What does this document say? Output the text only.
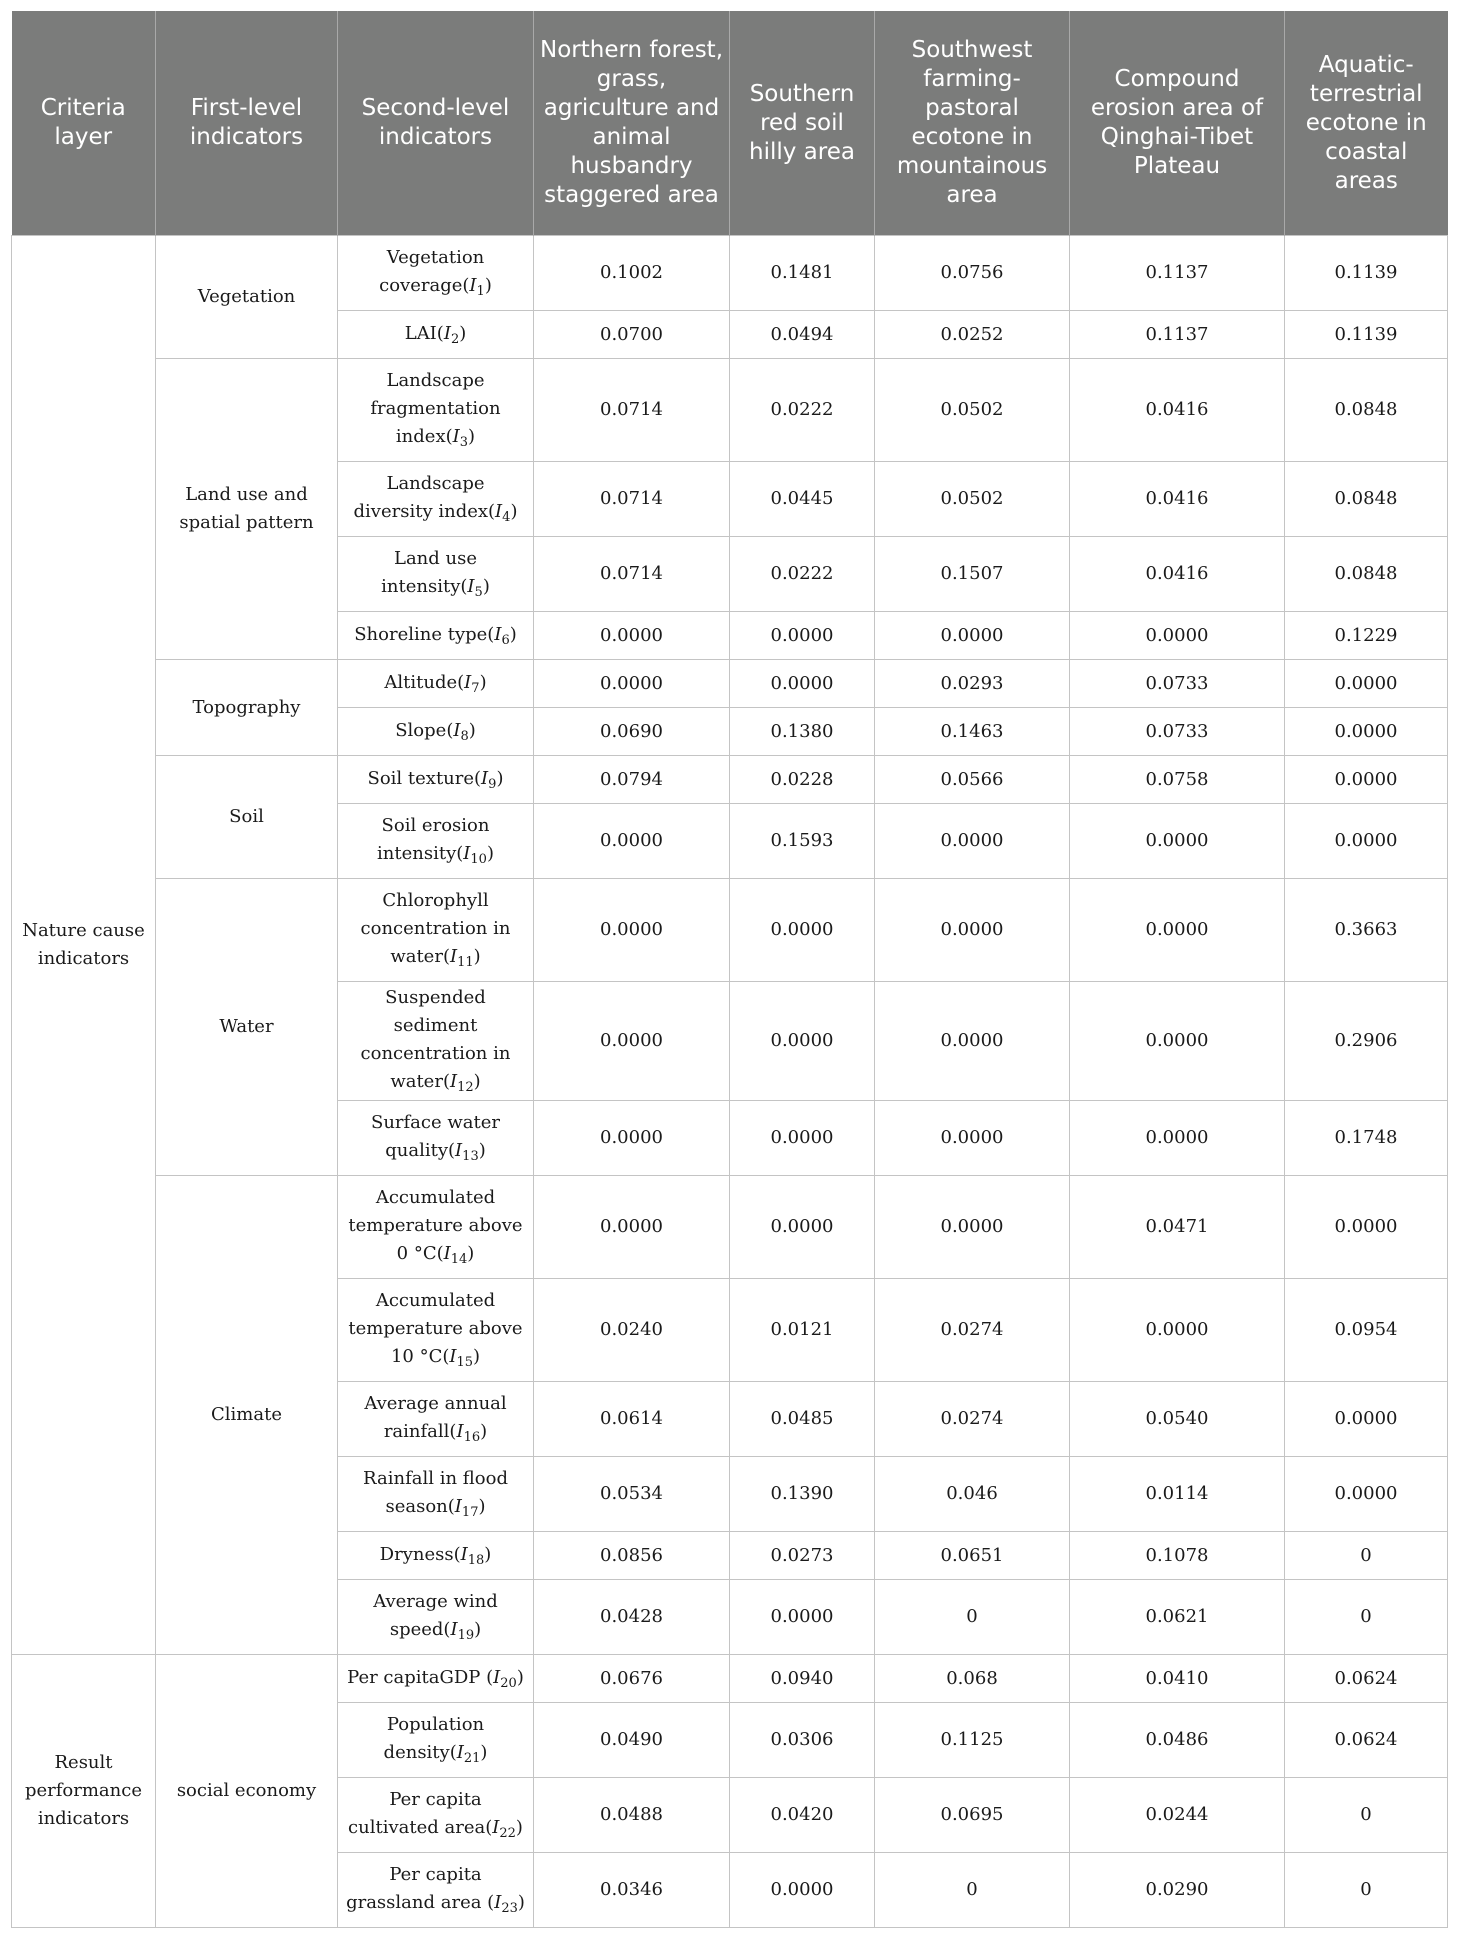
Criteria layer	First-level indicators	Second-level indicators	Northern forest, grass, agriculture and animal husbandry staggered area	Southern red soil hilly area	Southwest farming-pastoral ecotone in mountainous area	Compound erosion area of Qinghai-Tibet Plateau	Aquatic-terrestrial ecotone in coastal areas
Nature cause indicators	Vegetation	Vegetation $coverage(I_1)$	0.1002	0.1481	0.0756	0.1137	0.1139
		$LAI(I_2)$	0.0700	0.0494	0.0252	0.1137	0.1139
	Land use and spatial pattern	Landscape fragmentation $index(I_3)$	0.0714	0.0222	0.0502	0.0416	0.0848
		Landscape diversity $index(I_4)$	0.0714	0.0445	0.0502	0.0416	0.0848
		Land use $intensity(I_5)$	0.0714	0.0222	0.1507	0.0416	0.0848
		Shoreline $type(I_6)$	0.0000	0.0000	0.0000	0.0000	0.1229
	Topography	$Altitude(I_7)$	0.0000	0.0000	0.0293	0.0733	0.0000
		$Slope(I_8)$	0.0690	0.1380	0.1463	0.0733	0.0000
	Soil	Soil $texture(I_9)$	0.0794	0.0228	0.0566	0.0758	0.0000
		Soil erosion $intensity(I_{10})$	0.0000	0.1593	0.0000	0.0000	0.0000
	Water	Chlorophyll concentration in $water(I_{11})$	0.0000	0.0000	0.0000	0.0000	0.3663
		Suspended sediment concentration in $water(I_{12})$	0.0000	0.0000	0.0000	0.0000	0.2906
		Surface water $quality(I_{13})$	0.0000	0.0000	0.0000	0.0000	0.1748
	Climate	Accumulated temperature above 0 $^\circ C(I_{14})$	0.0000	0.0000	0.0000	0.0471	0.0000
		Accumulated temperature above 10 $^\circ C(I_{15})$	0.0240	0.0121	0.0274	0.0000	0.0954
		Average annual $rainfall(I_{16})$	0.0614	0.0485	0.0274	0.0540	0.0000
		Rainfall in flood $season(I_{17})$	0.0534	0.1390	0.046	0.0114	0.0000
		$Dryness(I_{18})$	0.0856	0.0273	0.0651	0.1078	0
		Average wind $speed(I_{19})$	0.0428	0.0000	0	0.0621	0
Result performance indicators	social economy	Per capitaGDP $(I_{20})$	0.0676	0.0940	0.068	0.0410	0.0624
		Population $density(I_{21})$	0.0490	0.0306	0.1125	0.0486	0.0624
		Per capita cultivated $area(I_{22})$	0.0488	0.0420	0.0695	0.0244	0
		Per capita grassland area $(I_{23})$	0.0346	0.0000	0	0.0290	0
